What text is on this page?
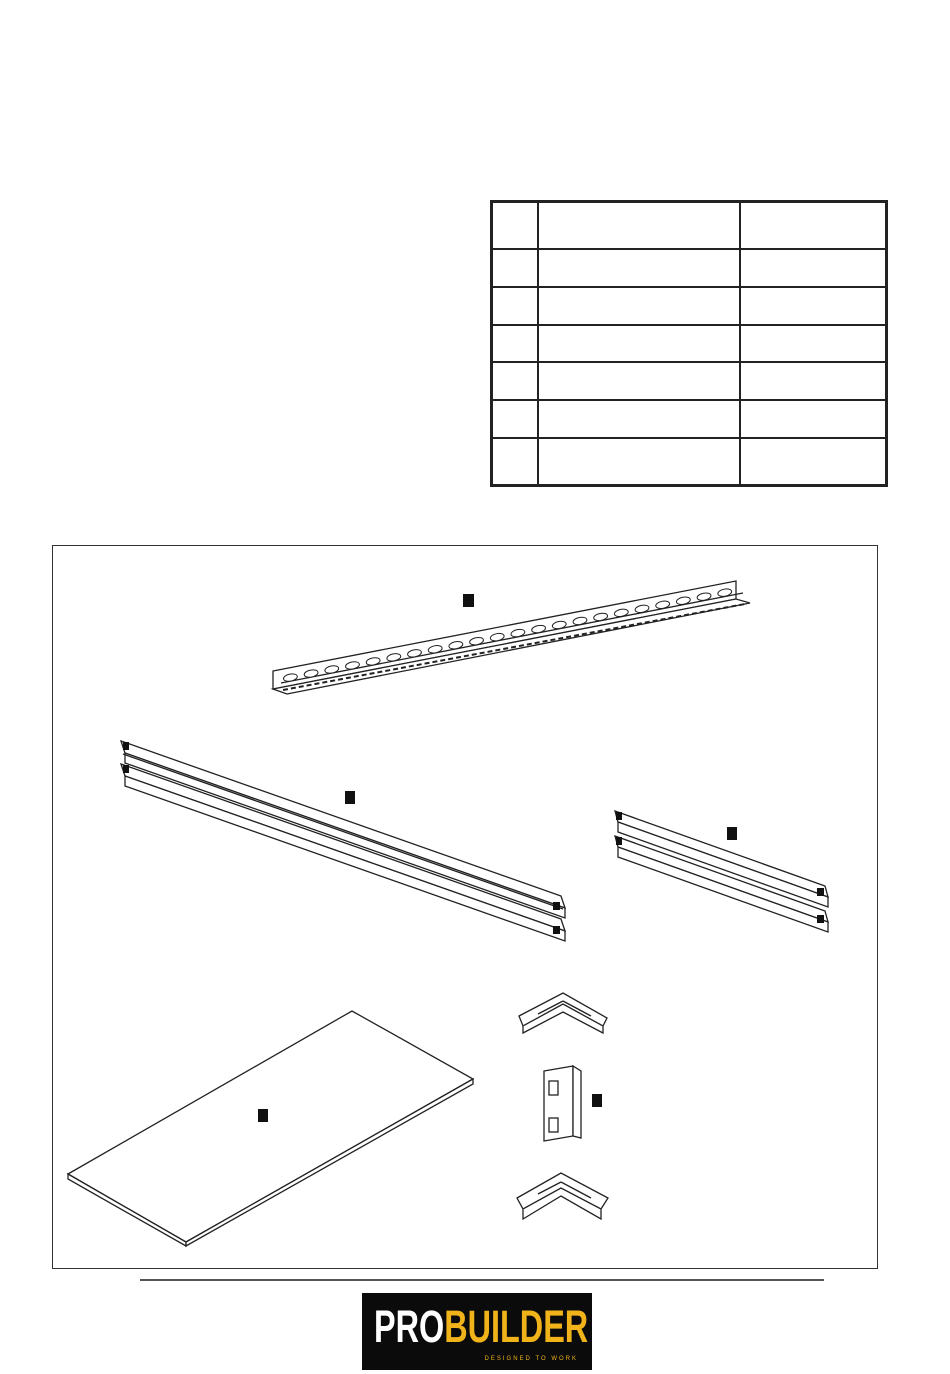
PROBUILDER
DESIGNED TO WORK
